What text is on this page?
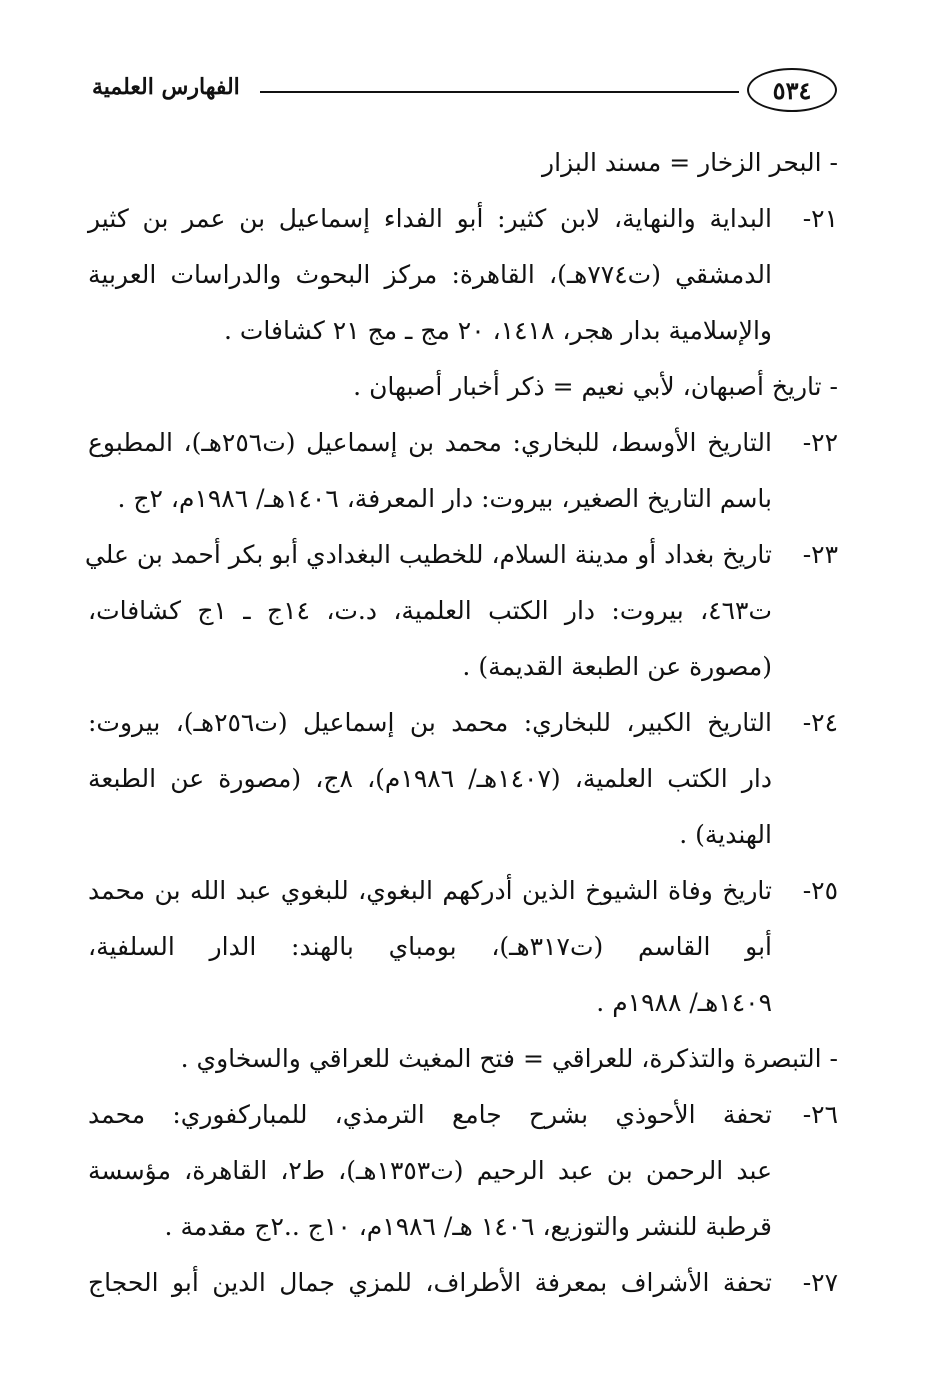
٥٣٤
الفهارس العلمية

- البحر الزخار = مسند البزار

٢١-
البداية والنهاية، لابن كثير: أبو الفداء إسماعيل بن عمر بن كثير
الدمشقي (ت٧٧٤هـ)، القاهرة: مركز البحوث والدراسات العربية
والإسلامية بدار هجر، ١٤١٨، ٢٠ مج ـ مج ٢١ كشافات .

- تاريخ أصبهان، لأبي نعيم = ذكر أخبار أصبهان .

٢٢-
التاريخ الأوسط، للبخاري: محمد بن إسماعيل (ت٢٥٦هـ)، المطبوع
باسم التاريخ الصغير، بيروت: دار المعرفة، ١٤٠٦هـ/ ١٩٨٦م، ٢ج .
٢٣-
تاريخ بغداد أو مدينة السلام، للخطيب البغدادي أبو بكر أحمد بن علي
ت٤٦٣، بيروت: دار الكتب العلمية، د.ت، ١٤ج ـ ١ج كشافات،
(مصورة عن الطبعة القديمة) .
٢٤-
التاريخ الكبير، للبخاري: محمد بن إسماعيل (ت٢٥٦هـ)، بيروت:
دار الكتب العلمية، (١٤٠٧هـ/ ١٩٨٦م)، ٨ج، (مصورة عن الطبعة
الهندية) .
٢٥-
تاريخ وفاة الشيوخ الذين أدركهم البغوي، للبغوي عبد الله بن محمد
أبو القاسم (ت٣١٧هـ)، بومباي بالهند: الدار السلفية،
١٤٠٩هـ/ ١٩٨٨م .

- التبصرة والتذكرة، للعراقي = فتح المغيث للعراقي والسخاوي .

٢٦-
تحفة الأحوذي بشرح جامع الترمذي، للمباركفوري: محمد
عبد الرحمن بن عبد الرحيم (ت١٣٥٣هـ)، ط٢، القاهرة، مؤسسة
قرطبة للنشر والتوزيع، ١٤٠٦ هـ/ ١٩٨٦م، ١٠ج ..٢ج مقدمة .
٢٧-
تحفة الأشراف بمعرفة الأطراف، للمزي جمال الدين أبو الحجاج
